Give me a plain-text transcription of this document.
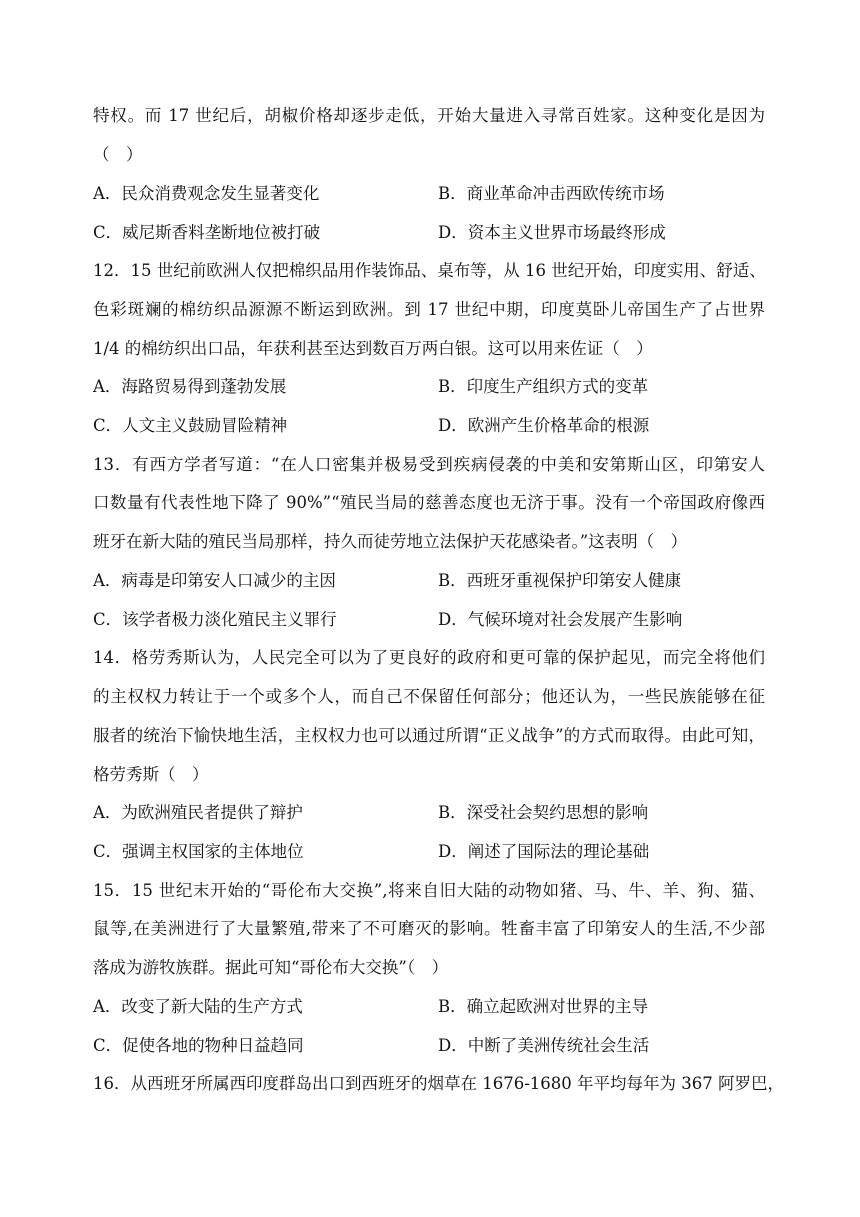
特权。而 17 世纪后，胡椒价格却逐步走低，开始大量进入寻常百姓家。这种变化是因为
（　）
A．民众消费观念发生显著变化	B．商业革命冲击西欧传统市场
C．威尼斯香料垄断地位被打破	D．资本主义世界市场最终形成
12．15 世纪前欧洲人仅把棉织品用作装饰品、桌布等，从 16 世纪开始，印度实用、舒适、
色彩斑斓的棉纺织品源源不断运到欧洲。到 17 世纪中期，印度莫卧儿帝国生产了占世界
1/4 的棉纺织出口品，年获利甚至达到数百万两白银。这可以用来佐证（　）
A．海路贸易得到蓬勃发展	B．印度生产组织方式的变革
C．人文主义鼓励冒险精神	D．欧洲产生价格革命的根源
13．有西方学者写道：“在人口密集并极易受到疾病侵袭的中美和安第斯山区，印第安人
口数量有代表性地下降了 90%”“殖民当局的慈善态度也无济于事。没有一个帝国政府像西
班牙在新大陆的殖民当局那样，持久而徒劳地立法保护天花感染者。”这表明（　）
A．病毒是印第安人口减少的主因	B．西班牙重视保护印第安人健康
C．该学者极力淡化殖民主义罪行	D．气候环境对社会发展产生影响
14．格劳秀斯认为，人民完全可以为了更良好的政府和更可靠的保护起见，而完全将他们
的主权权力转让于一个或多个人，而自己不保留任何部分；他还认为，一些民族能够在征
服者的统治下愉快地生活，主权权力也可以通过所谓“正义战争”的方式而取得。由此可知，
格劳秀斯（　）
A．为欧洲殖民者提供了辩护	B．深受社会契约思想的影响
C．强调主权国家的主体地位	D．阐述了国际法的理论基础
15．15 世纪末开始的“哥伦布大交换”,将来自旧大陆的动物如猪、马、牛、羊、狗、猫、
鼠等,在美洲进行了大量繁殖,带来了不可磨灭的影响。牲畜丰富了印第安人的生活,不少部
落成为游牧族群。据此可知“哥伦布大交换”（　）
A．改变了新大陆的生产方式	B．确立起欧洲对世界的主导
C．促使各地的物种日益趋同	D．中断了美洲传统社会生活
16．从西班牙所属西印度群岛出口到西班牙的烟草在 1676-1680 年平均每年为 367 阿罗巴，
